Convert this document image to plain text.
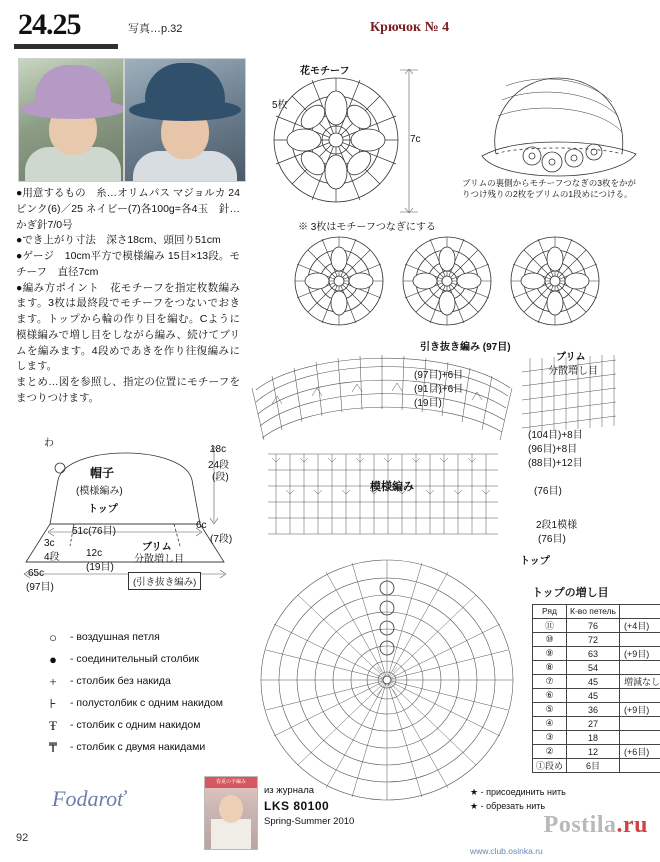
24.25	写真…p.32	Крючок № 4
●用意するもの　糸…オリムパス マジョルカ 24 ピンク(6)／25 ネイビー(7)各100g=各4玉　針…かぎ針7/0号
●でき上がり寸法　深さ18cm、頭回り51cm
●ゲージ　10cm平方で模様編み 15目×13段。モチーフ　直径7cm
●編み方ポイント　花モチーフを指定枚数編みます。3枚は最終段でモチーフをつないでおきます。トップから輪の作り目を編む。Cように模様編みで増し目をしながら編み、続けてブリムを編みます。4段めであきを作り往復編みにします。
まとめ…図を参照し、指定の位置にモチーフをまつりつけます。
花モチーフ
5枚
7c
ブリムの裏側からモチーフつなぎの3枚をかがりつけ残りの2枚をブリムの1段めにつける。
※ 3枚はモチーフつなぎにする
引き抜き編み (97目)
ブリム
分散増し目
(97目)+6目
(91目)+6目
(19目)
(104目)+8目
(96目)+8目
(88目)+12目
(76目)
模様編み
2段1模様
(76目)
トップ
帽子
(模様編み)
トップ
わ
18c
24段
(段)
51c(76目)
6c
(7段)
ブリム
分散増し目
3c
4段	12c
(19目)
65c
(97目)	(引き抜き編み)
○	- воздушная петля
●	- соединительный столбик
+	- столбик без накида
⊦	- полустолбик с одним накидом
Ŧ	- столбик с одним накидом
₸	- столбик с двумя накидами
トップの増し目
Ряд	К-во петель	
⑪	76	(+4目)
⑩	72	
⑨	63	(+9目)
⑧	54	
⑦	45	増減なし
⑥	45	
⑤	36	(+9目)
④	27	
③	18	
②	12	(+6目)
①段め	6目	
92
Fodaroť
春夏の手編み
из журнала
LKS 80100
Spring-Summer 2010
★ - присоединить нить
★ - обрезать нить
Postila.ru
www.club.osinka.ru
